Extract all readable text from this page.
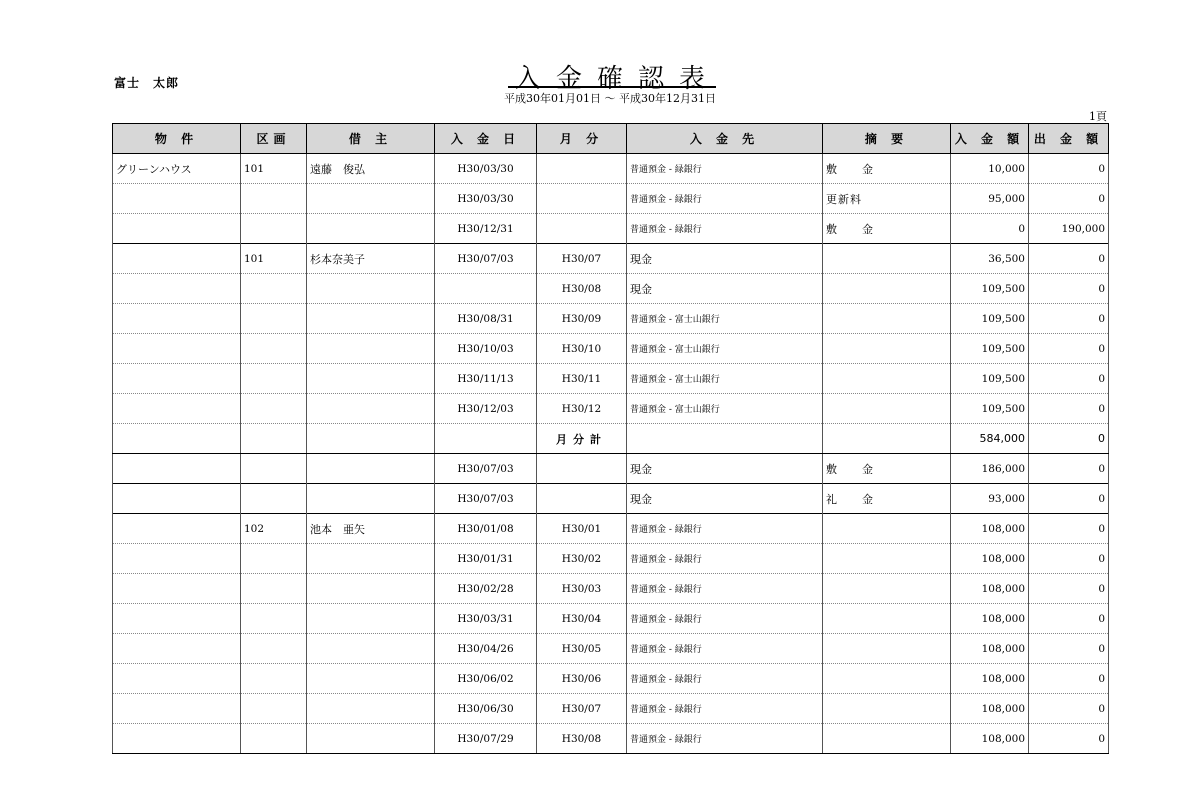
富士　太郎	入金確認表
平成30年01月01日 〜 平成30年12月31日
1頁
物 件	区画	借 主	入 金 日	月 分	入 金 先	摘 要	入 金 額	出 金 額
グリーンハウス	101	遠藤　俊弘	H30/03/30		普通預金 - 緑銀行	敷　　金	10,000	0
			H30/03/30		普通預金 - 緑銀行	更新料	95,000	0
			H30/12/31		普通預金 - 緑銀行	敷　　金	0	190,000
	101	杉本奈美子	H30/07/03	H30/07	現金		36,500	0
				H30/08	現金		109,500	0
			H30/08/31	H30/09	普通預金 - 富士山銀行		109,500	0
			H30/10/03	H30/10	普通預金 - 富士山銀行		109,500	0
			H30/11/13	H30/11	普通預金 - 富士山銀行		109,500	0
			H30/12/03	H30/12	普通預金 - 富士山銀行		109,500	0
				月分計			584,000	0
			H30/07/03		現金	敷　　金	186,000	0
			H30/07/03		現金	礼　　金	93,000	0
	102	池本　亜矢	H30/01/08	H30/01	普通預金 - 緑銀行		108,000	0
			H30/01/31	H30/02	普通預金 - 緑銀行		108,000	0
			H30/02/28	H30/03	普通預金 - 緑銀行		108,000	0
			H30/03/31	H30/04	普通預金 - 緑銀行		108,000	0
			H30/04/26	H30/05	普通預金 - 緑銀行		108,000	0
			H30/06/02	H30/06	普通預金 - 緑銀行		108,000	0
			H30/06/30	H30/07	普通預金 - 緑銀行		108,000	0
			H30/07/29	H30/08	普通預金 - 緑銀行		108,000	0
